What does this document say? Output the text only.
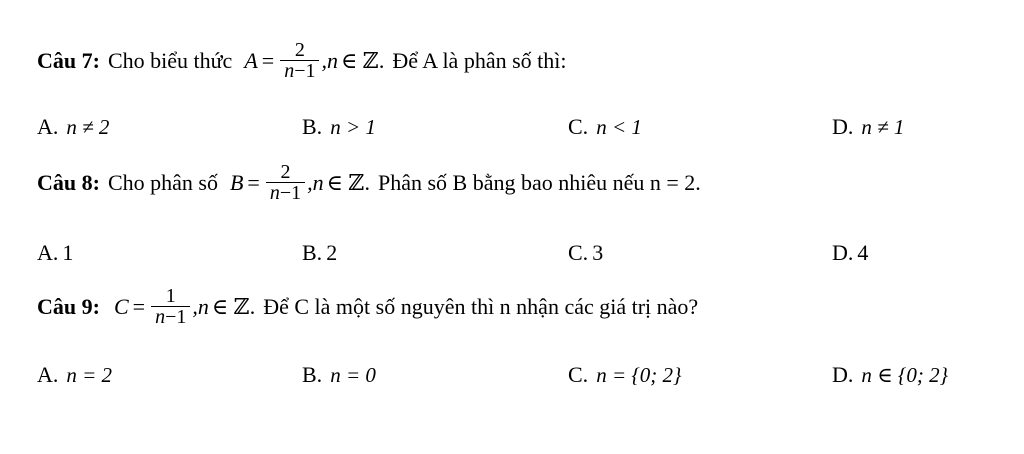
Câu 7: Cho biểu thức $A = \frac{2}{n-1} ,n$ ∈ ℤ. Để A là phân số thì:
A. n ≠ 2	B. n > 1	C. n < 1	D. n ≠ 1
Câu 8: Cho phân số $B = \frac{2}{n-1} ,n$ ∈ ℤ. Phân số B bằng bao nhiêu nếu n = 2.
A. 1	B. 2	C. 3	D. 4
Câu 9: $C = \frac{1}{n-1} ,n$ ∈ ℤ. Để C là một số nguyên thì n nhận các giá trị nào?
A. n = 2	B. n = 0	C. n = {0; 2}	D. n ∈ {0; 2}
